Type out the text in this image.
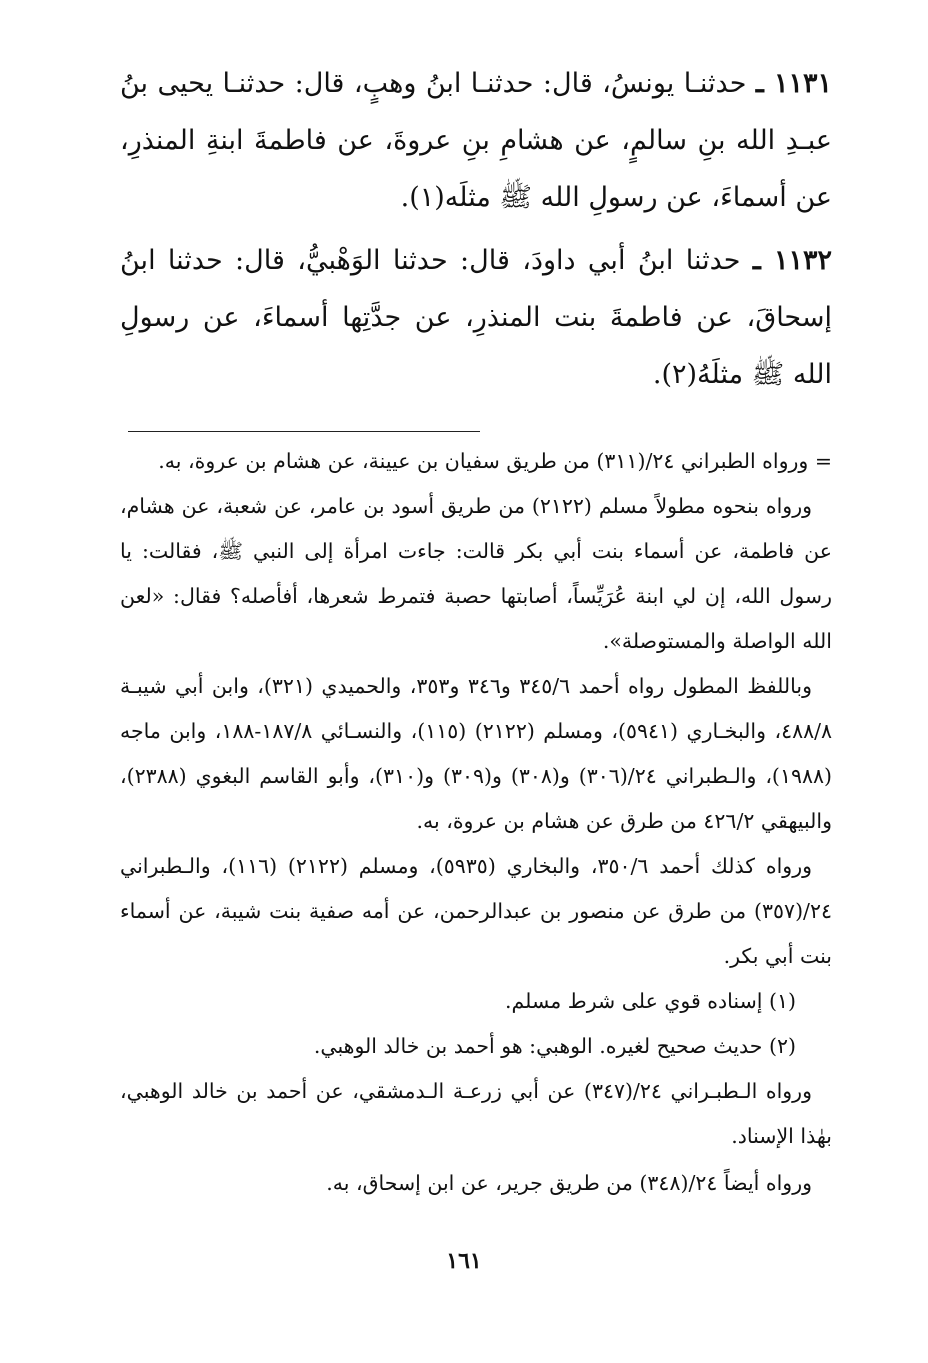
١١٣١ ـ حدثنـا يونسُ، قال: حدثنـا ابنُ وهبٍ، قال: حدثنـا يحيى بنُ عبـدِ الله بنِ سالمٍ، عن هشامِ بنِ عروةَ، عن فاطمةَ ابنةِ المنذرِ، عن أسماءَ، عن رسولِ الله ﷺ مثلَه(١).

١١٣٢ ـ حدثنا ابنُ أبي داودَ، قال: حدثنا الوَهْبيُّ، قال: حدثنا ابنُ إسحاقَ، عن فاطمةَ بنت المنذرِ، عن جدَّتِها أسماءَ، عن رسولِ الله ﷺ مثلَهُ(٢).

= ورواه الطبراني ٢٤/(٣١١) من طريق سفيان بن عيينة، عن هشام بن عروة، به.

ورواه بنحوه مطولاً مسلم (٢١٢٢) من طريق أسود بن عامر، عن شعبة، عن هشام، عن فاطمة، عن أسماء بنت أبي بكر قالت: جاءت امرأة إلى النبي ﷺ، فقالت: يا رسول الله، إن لي ابنة عُرَيِّساً، أصابتها حصبة فتمرط شعرها، أفأصله؟ فقال: «لعن الله الواصلة والمستوصلة».

وباللفظ المطول رواه أحمد ٣٤٥/٦ و٣٤٦ و٣٥٣، والحميدي (٣٢١)، وابن أبي شيبـة ٤٨٨/٨، والبخـاري (٥٩٤١)، ومسلم (٢١٢٢) (١١٥)، والنسـائي ١٨٧/٨-١٨٨، وابن ماجه (١٩٨٨)، والـطبراني ٢٤/(٣٠٦) و(٣٠٨) و(٣٠٩) و(٣١٠)، وأبو القاسم البغوي (٢٣٨٨)، والبيهقي ٤٢٦/٢ من طرق عن هشام بن عروة، به.

ورواه كذلك أحمد ٣٥٠/٦، والبخاري (٥٩٣٥)، ومسلم (٢١٢٢) (١١٦)، والـطبراني ٢٤/(٣٥٧) من طرق عن منصور بن عبدالرحمن، عن أمه صفية بنت شيبة، عن أسماء بنت أبي بكر.

(١) إسناده قوي على شرط مسلم.

(٢) حديث صحيح لغيره. الوهبي: هو أحمد بن خالد الوهبي.

ورواه الـطبـراني ٢٤/(٣٤٧) عن أبي زرعـة الـدمشقي، عن أحمد بن خالد الوهبي، بهٰذا الإسناد.

ورواه أيضاً ٢٤/(٣٤٨) من طريق جرير، عن ابن إسحاق، به.

١٦١
